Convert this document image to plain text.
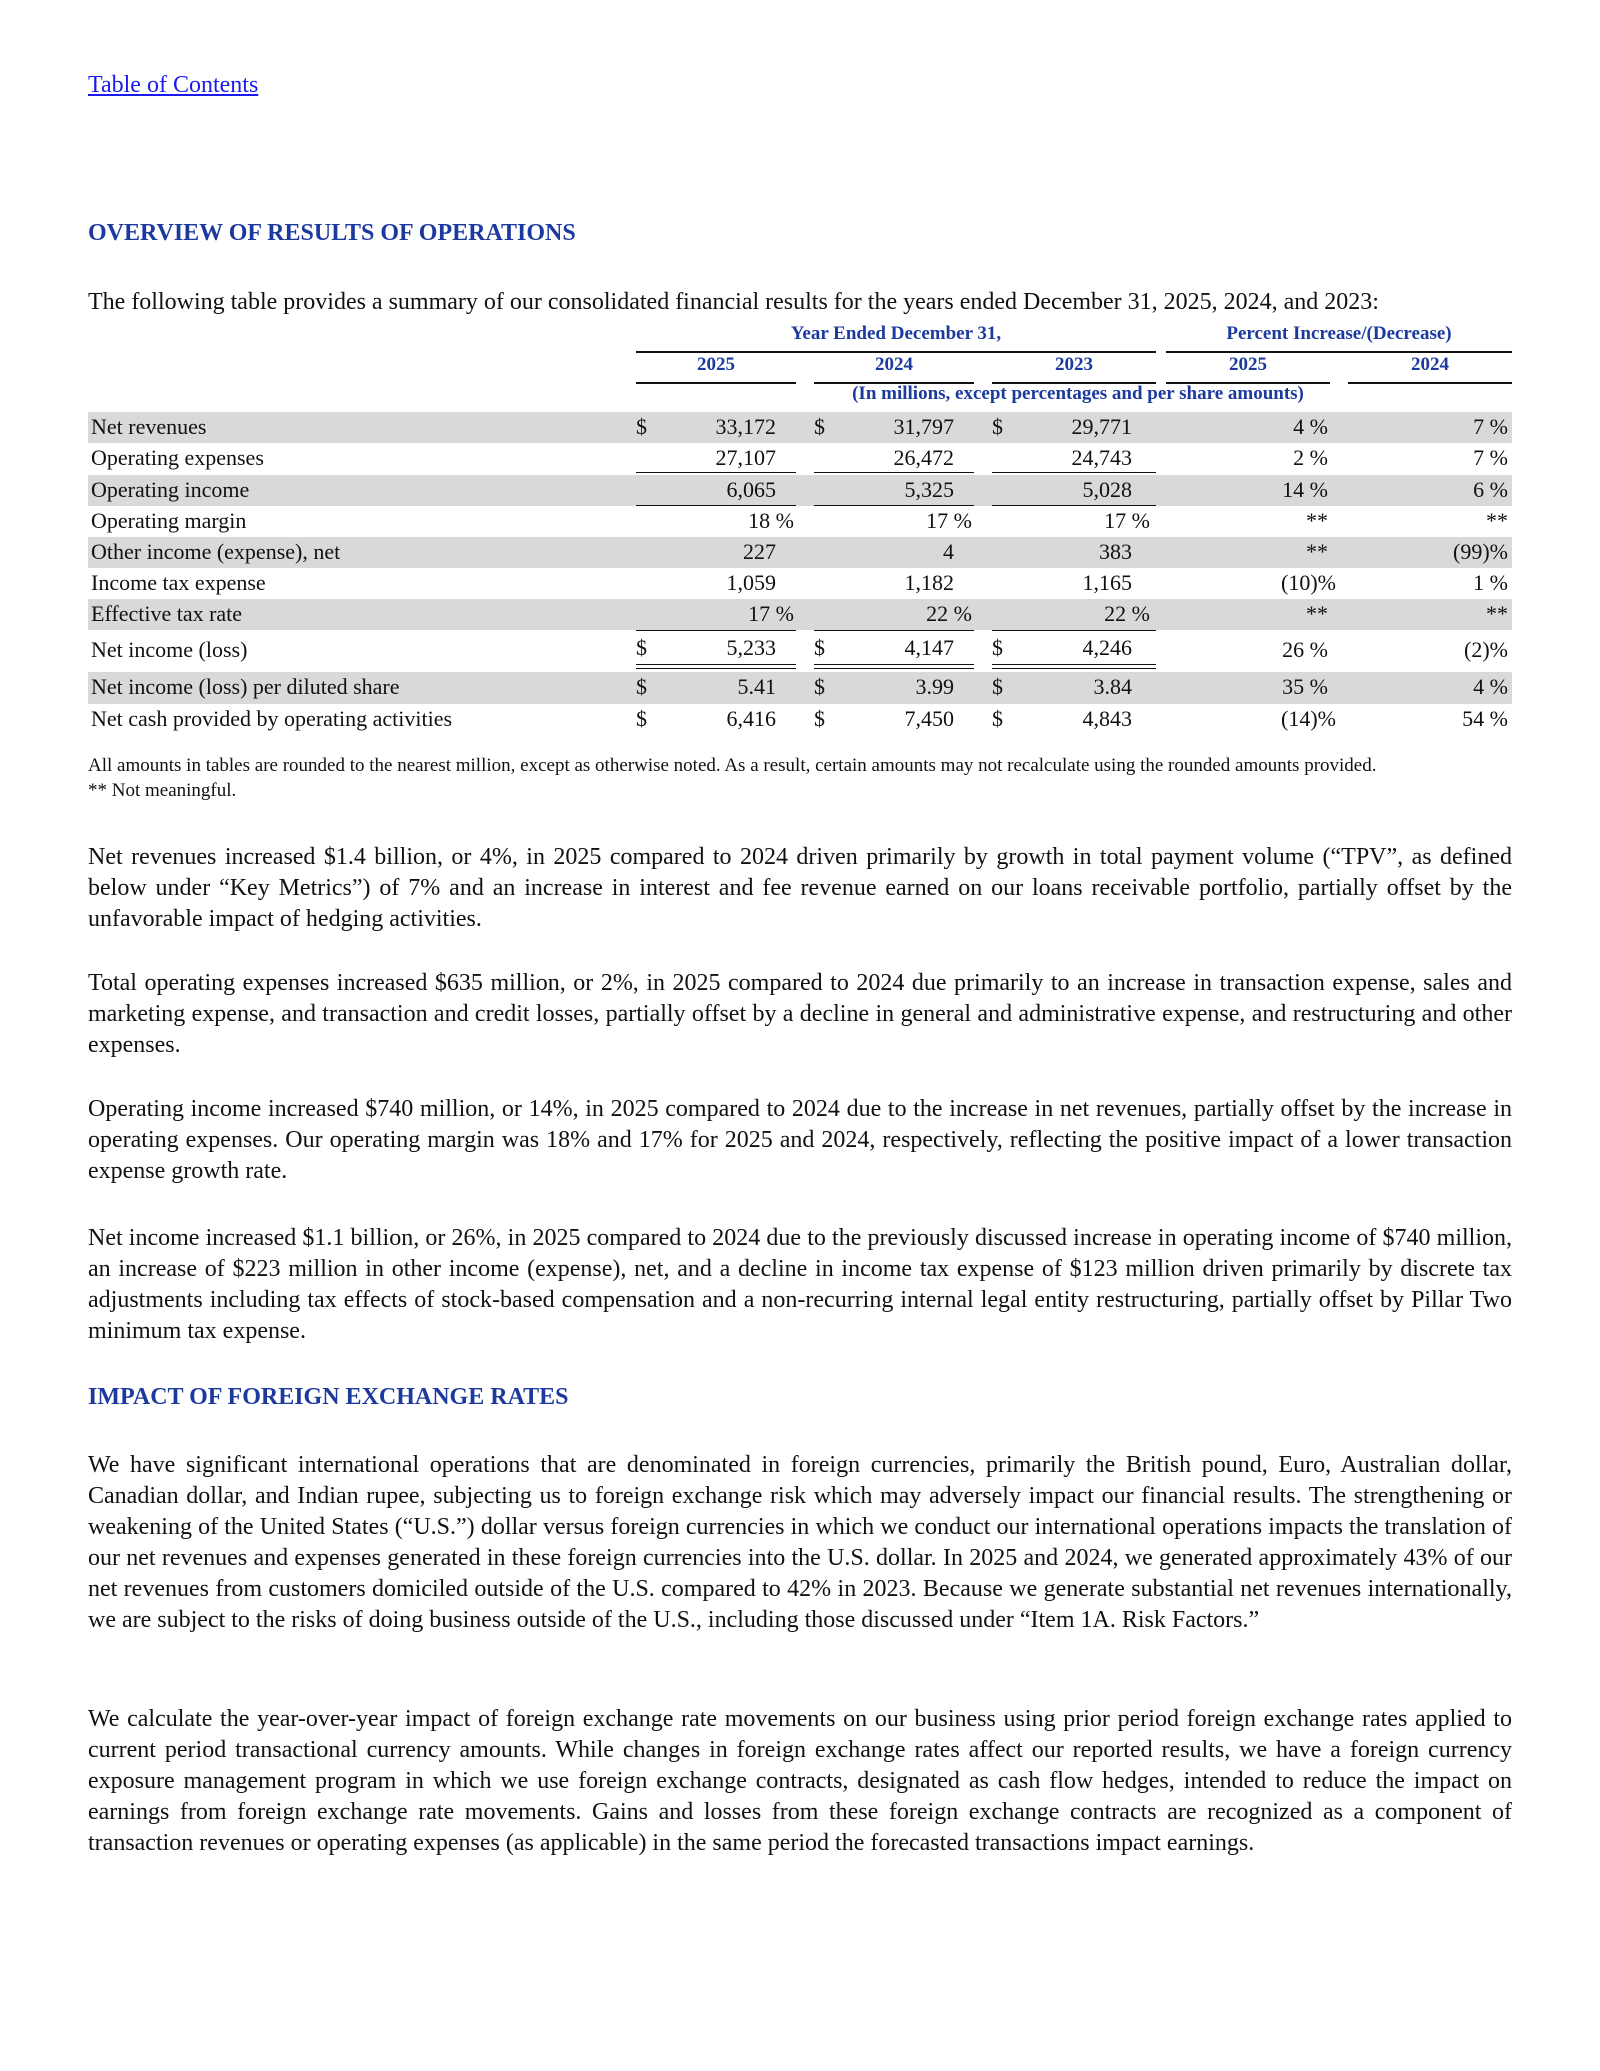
Table of Contents
OVERVIEW OF RESULTS OF OPERATIONS

The following table provides a summary of our consolidated financial results for the years ended December 31, 2025, 2024, and 2023:

Year Ended December 31,	Percent Increase/(Decrease)
2025	2024	2023	2025	2024
(In millions, except percentages and per share amounts)
Net revenues	$	33,172 $	31,797 $	29,771	4 %	7 %
Operating expenses	27,107	26,472	24,743	2 %	7 %
Operating income	6,065	5,325	5,028	14 %	6 %
Operating margin	18 %	17 %	17 %	**	**
Other income (expense), net	227	4	383	**	(99)%
Income tax expense	1,059	1,182	1,165	(10)%	1 %
Effective tax rate	17 %	22 %	22 %	**	**
Net income (loss)	$	5,233 $	4,147 $	4,246	26 %	(2)%
Net income (loss) per diluted share	$	5.41 $	3.99 $	3.84	35 %	4 %
Net cash provided by operating activities	$	6,416 $	7,450 $	4,843	(14)%	54 %

All amounts in tables are rounded to the nearest million, except as otherwise noted. As a result, certain amounts may not recalculate using the rounded amounts provided.

** Not meaningful.

Net revenues increased $1.4 billion, or 4%, in 2025 compared to 2024 driven primarily by growth in total payment volume (“TPV”, as defined below under “Key Metrics”) of 7% and an increase in interest and fee revenue earned on our loans receivable portfolio, partially offset by the unfavorable impact of hedging activities.

Total operating expenses increased $635 million, or 2%, in 2025 compared to 2024 due primarily to an increase in transaction expense, sales and marketing expense, and transaction and credit losses, partially offset by a decline in general and administrative expense, and restructuring and other expenses.

Operating income increased $740 million, or 14%, in 2025 compared to 2024 due to the increase in net revenues, partially offset by the increase in operating expenses. Our operating margin was 18% and 17% for 2025 and 2024, respectively, reflecting the positive impact of a lower transaction expense growth rate.

Net income increased $1.1 billion, or 26%, in 2025 compared to 2024 due to the previously discussed increase in operating income of $740 million, an increase of $223 million in other income (expense), net, and a decline in income tax expense of $123 million driven primarily by discrete tax adjustments including tax effects of stock-based compensation and a non-recurring internal legal entity restructuring, partially offset by Pillar Two minimum tax expense.

IMPACT OF FOREIGN EXCHANGE RATES

We have significant international operations that are denominated in foreign currencies, primarily the British pound, Euro, Australian dollar, Canadian dollar, and Indian rupee, subjecting us to foreign exchange risk which may adversely impact our financial results. The strengthening or weakening of the United States (“U.S.”) dollar versus foreign currencies in which we conduct our international operations impacts the translation of our net revenues and expenses generated in these foreign currencies into the U.S. dollar. In 2025 and 2024, we generated approximately 43% of our net revenues from customers domiciled outside of the U.S. compared to 42% in 2023. Because we generate substantial net revenues internationally, we are subject to the risks of doing business outside of the U.S., including those discussed under “Item 1A. Risk Factors.”

We calculate the year-over-year impact of foreign exchange rate movements on our business using prior period foreign exchange rates applied to current period transactional currency amounts. While changes in foreign exchange rates affect our reported results, we have a foreign currency exposure management program in which we use foreign exchange contracts, designated as cash flow hedges, intended to reduce the impact on earnings from foreign exchange rate movements. Gains and losses from these foreign exchange contracts are recognized as a component of transaction revenues or operating expenses (as applicable) in the same period the forecasted transactions impact earnings.
